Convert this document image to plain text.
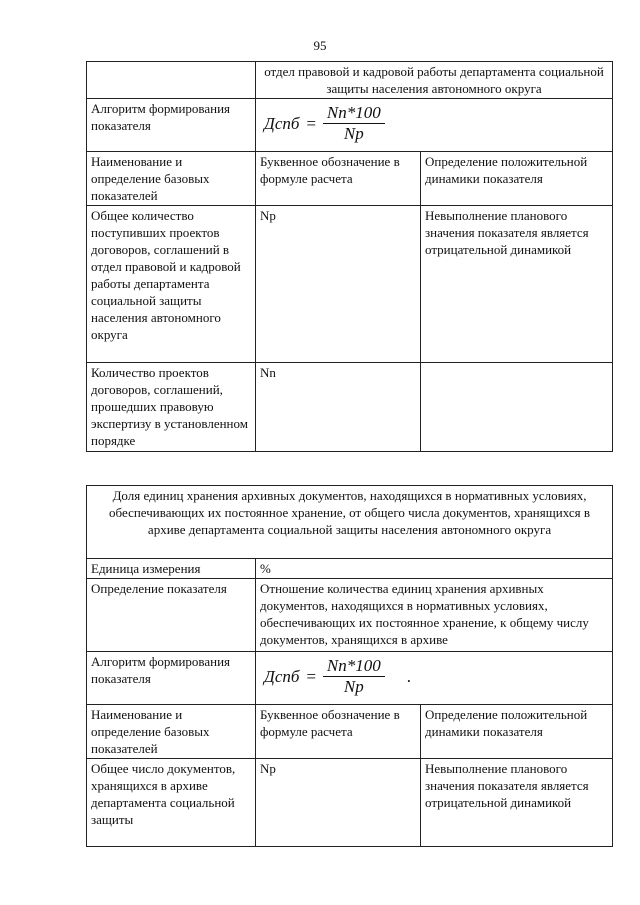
95
	отдел правовой и кадровой работы департамента социальной защиты населения автономного округа	
Алгоритм формирования показателя	Дспб = $\frac{Nn*100}{Np}$

Наименование и определение базовых показателей	Буквенное обозначение в формуле расчета	Определение положительной динамики показателя
Общее количество поступивших проектов договоров, соглашений в отдел правовой и кадровой работы департамента социальной защиты населения автономного округа	Np	Невыполнение планового значения показателя является отрицательной динамикой
Количество проектов договоров, соглашений, прошедших правовую экспертизу в установленном порядке	Nn	
Доля единиц хранения архивных документов, находящихся в нормативных условиях, обеспечивающих их постоянное хранение, от общего числа документов, хранящихся в архиве департамента социальной защиты населения автономного округа		
Единица измерения	%	
Определение показателя	Отношение количества единиц хранения архивных документов, находящихся в нормативных условиях, обеспечивающих их постоянное хранение, к общему числу документов, хранящихся в архиве	
Алгоритм формирования показателя	Дспб = $\frac{Nn*100}{Np}$ .	

Наименование и определение базовых показателей	Буквенное обозначение в формуле расчета	Определение положительной динамики показателя
Общее число документов, хранящихся в архиве департамента социальной защиты	Np	Невыполнение планового значения показателя является отрицательной динамикой
